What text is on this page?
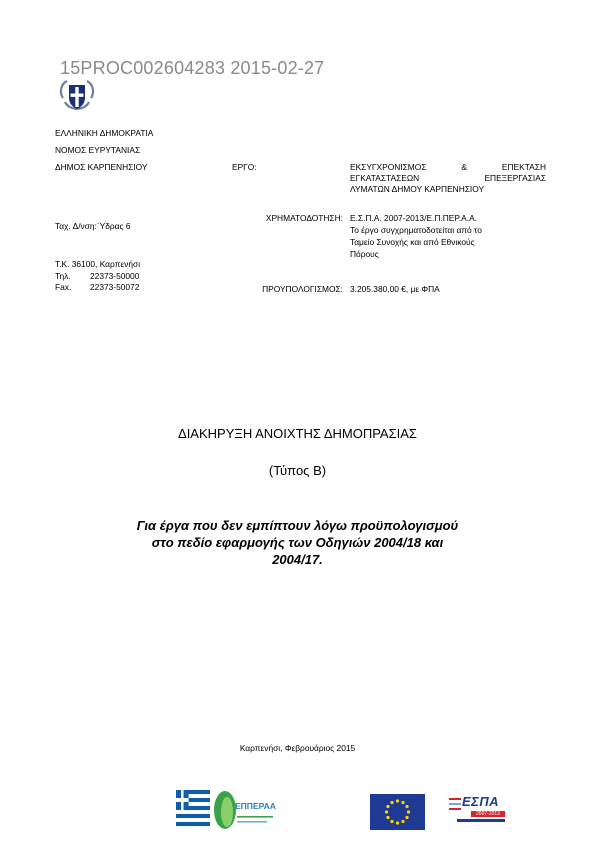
15PROC002604283 2015-02-27
ΕΛΛΗΝΙΚΗ ΔΗΜΟΚΡΑΤΙΑ
ΝΟΜΟΣ ΕΥΡΥΤΑΝΙΑΣ
ΔΗΜΟΣ ΚΑΡΠΕΝΗΣΙΟΥ	ΕΡΓΟ:	ΕΚΣΥΓΧΡΟΝΙΣΜΟΣ & ΕΠΕΚΤΑΣΗ
ΕΓΚΑΤΑΣΤΑΣΕΩΝ ΕΠΕΞΕΡΓΑΣΙΑΣ
ΛΥΜΑΤΩΝ ΔΗΜΟΥ ΚΑΡΠΕΝΗΣΙΟΥ
Ταχ. Δ/νση:΄Υδρας 6
ΧΡΗΜΑΤΟΔΟΤΗΣΗ: Ε.Σ.Π.Α. 2007-2013/Ε.Π.ΠΕΡ.Α.Α.
Το έργο συγχρηματοδοτείται από το
Ταμείο Συνοχής και από Εθνικούς
Πόρους
Τ.Κ. 36100, Καρπενήσι
Τηλ. 22373-50000
Fax. 22373-50072	ΠΡΟΥΠΟΛΟΓΙΣΜΟΣ: 3.205.380,00 €, με ΦΠΑ
ΔΙΑΚΗΡΥΞΗ ΑΝΟΙΧΤΗΣ ΔΗΜΟΠΡΑΣΙΑΣ
(Τύπος Β)
Για έργα που δεν εμπίπτουν λόγω προϋπολογισμού
στο πεδίο εφαρμογής των Οδηγιών 2004/18 και
2004/17.
Καρπενήσι, Φεβρουάριος 2015
ΕΠΠΕΡΑΑ	ΕΣΠΑ
2007-2013
